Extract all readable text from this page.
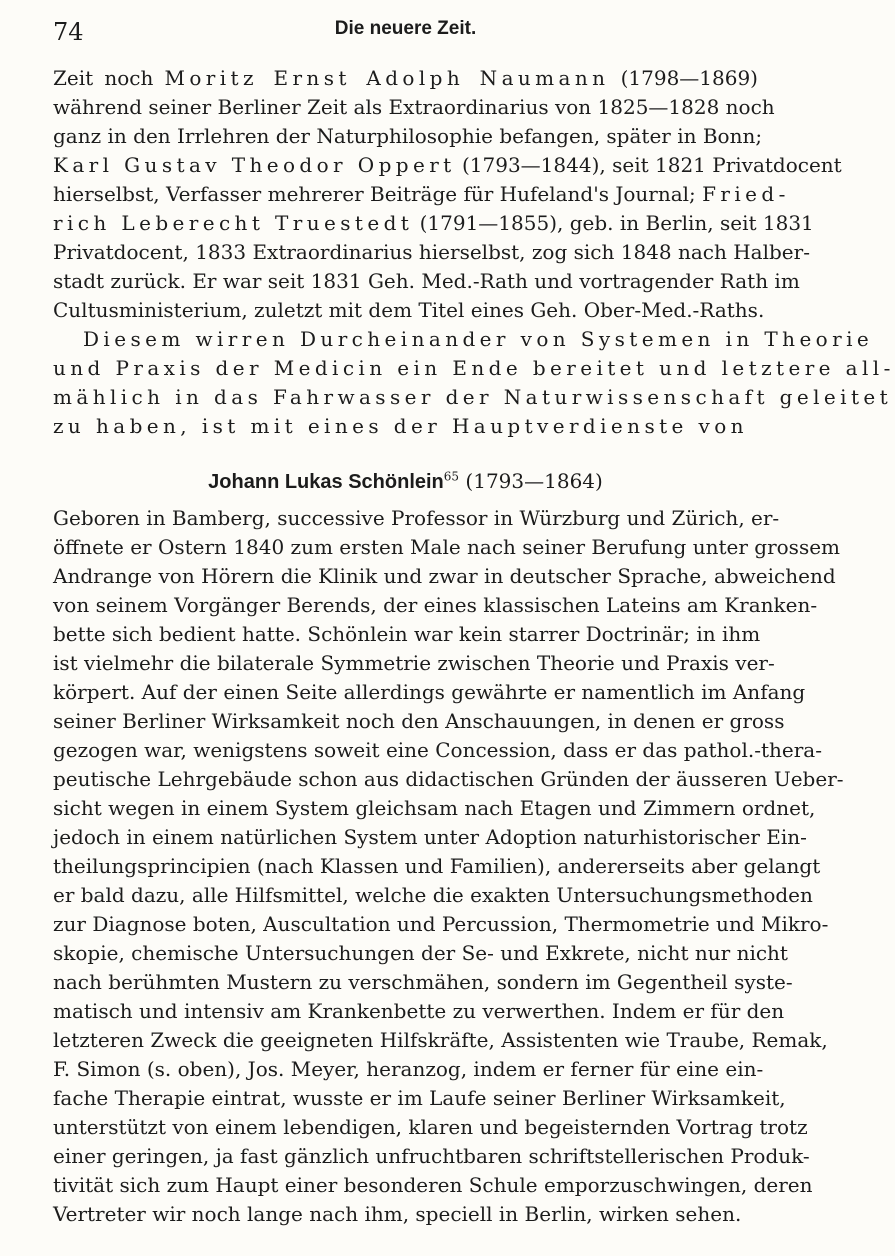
74	Die neuere Zeit.
Zeit noch Moritz Ernst Adolph Naumann (1798—1869)
während seiner Berliner Zeit als Extraordinarius von 1825—1828 noch
ganz in den Irrlehren der Naturphilosophie befangen, später in Bonn;
Karl Gustav Theodor Oppert (1793—1844), seit 1821 Privatdocent
hierselbst, Verfasser mehrerer Beiträge für Hufeland's Journal; Fried-
rich Leberecht Truestedt (1791—1855), geb. in Berlin, seit 1831
Privatdocent, 1833 Extraordinarius hierselbst, zog sich 1848 nach Halber-
stadt zurück. Er war seit 1831 Geh. Med.-Rath und vortragender Rath im
Cultusministerium, zuletzt mit dem Titel eines Geh. Ober-Med.-Raths.
Diesem wirren Durcheinander von Systemen in Theorie
und Praxis der Medicin ein Ende bereitet und letztere all-
mählich in das Fahrwasser der Naturwissenschaft geleitet
zu haben, ist mit eines der Hauptverdienste von
Johann Lukas Schönlein$^{65}$ (1793—1864)
Geboren in Bamberg, successive Professor in Würzburg und Zürich, er-
öffnete er Ostern 1840 zum ersten Male nach seiner Berufung unter grossem
Andrange von Hörern die Klinik und zwar in deutscher Sprache, abweichend
von seinem Vorgänger Berends, der eines klassischen Lateins am Kranken-
bette sich bedient hatte. Schönlein war kein starrer Doctrinär; in ihm
ist vielmehr die bilaterale Symmetrie zwischen Theorie und Praxis ver-
körpert. Auf der einen Seite allerdings gewährte er namentlich im Anfang
seiner Berliner Wirksamkeit noch den Anschauungen, in denen er gross
gezogen war, wenigstens soweit eine Concession, dass er das pathol.-thera-
peutische Lehrgebäude schon aus didactischen Gründen der äusseren Ueber-
sicht wegen in einem System gleichsam nach Etagen und Zimmern ordnet,
jedoch in einem natürlichen System unter Adoption naturhistorischer Ein-
theilungsprincipien (nach Klassen und Familien), andererseits aber gelangt
er bald dazu, alle Hilfsmittel, welche die exakten Untersuchungsmethoden
zur Diagnose boten, Auscultation und Percussion, Thermometrie und Mikro-
skopie, chemische Untersuchungen der Se- und Exkrete, nicht nur nicht
nach berühmten Mustern zu verschmähen, sondern im Gegentheil syste-
matisch und intensiv am Krankenbette zu verwerthen. Indem er für den
letzteren Zweck die geeigneten Hilfskräfte, Assistenten wie Traube, Remak,
F. Simon (s. oben), Jos. Meyer, heranzog, indem er ferner für eine ein-
fache Therapie eintrat, wusste er im Laufe seiner Berliner Wirksamkeit,
unterstützt von einem lebendigen, klaren und begeisternden Vortrag trotz
einer geringen, ja fast gänzlich unfruchtbaren schriftstellerischen Produk-
tivität sich zum Haupt einer besonderen Schule emporzuschwingen, deren
Vertreter wir noch lange nach ihm, speciell in Berlin, wirken sehen.
